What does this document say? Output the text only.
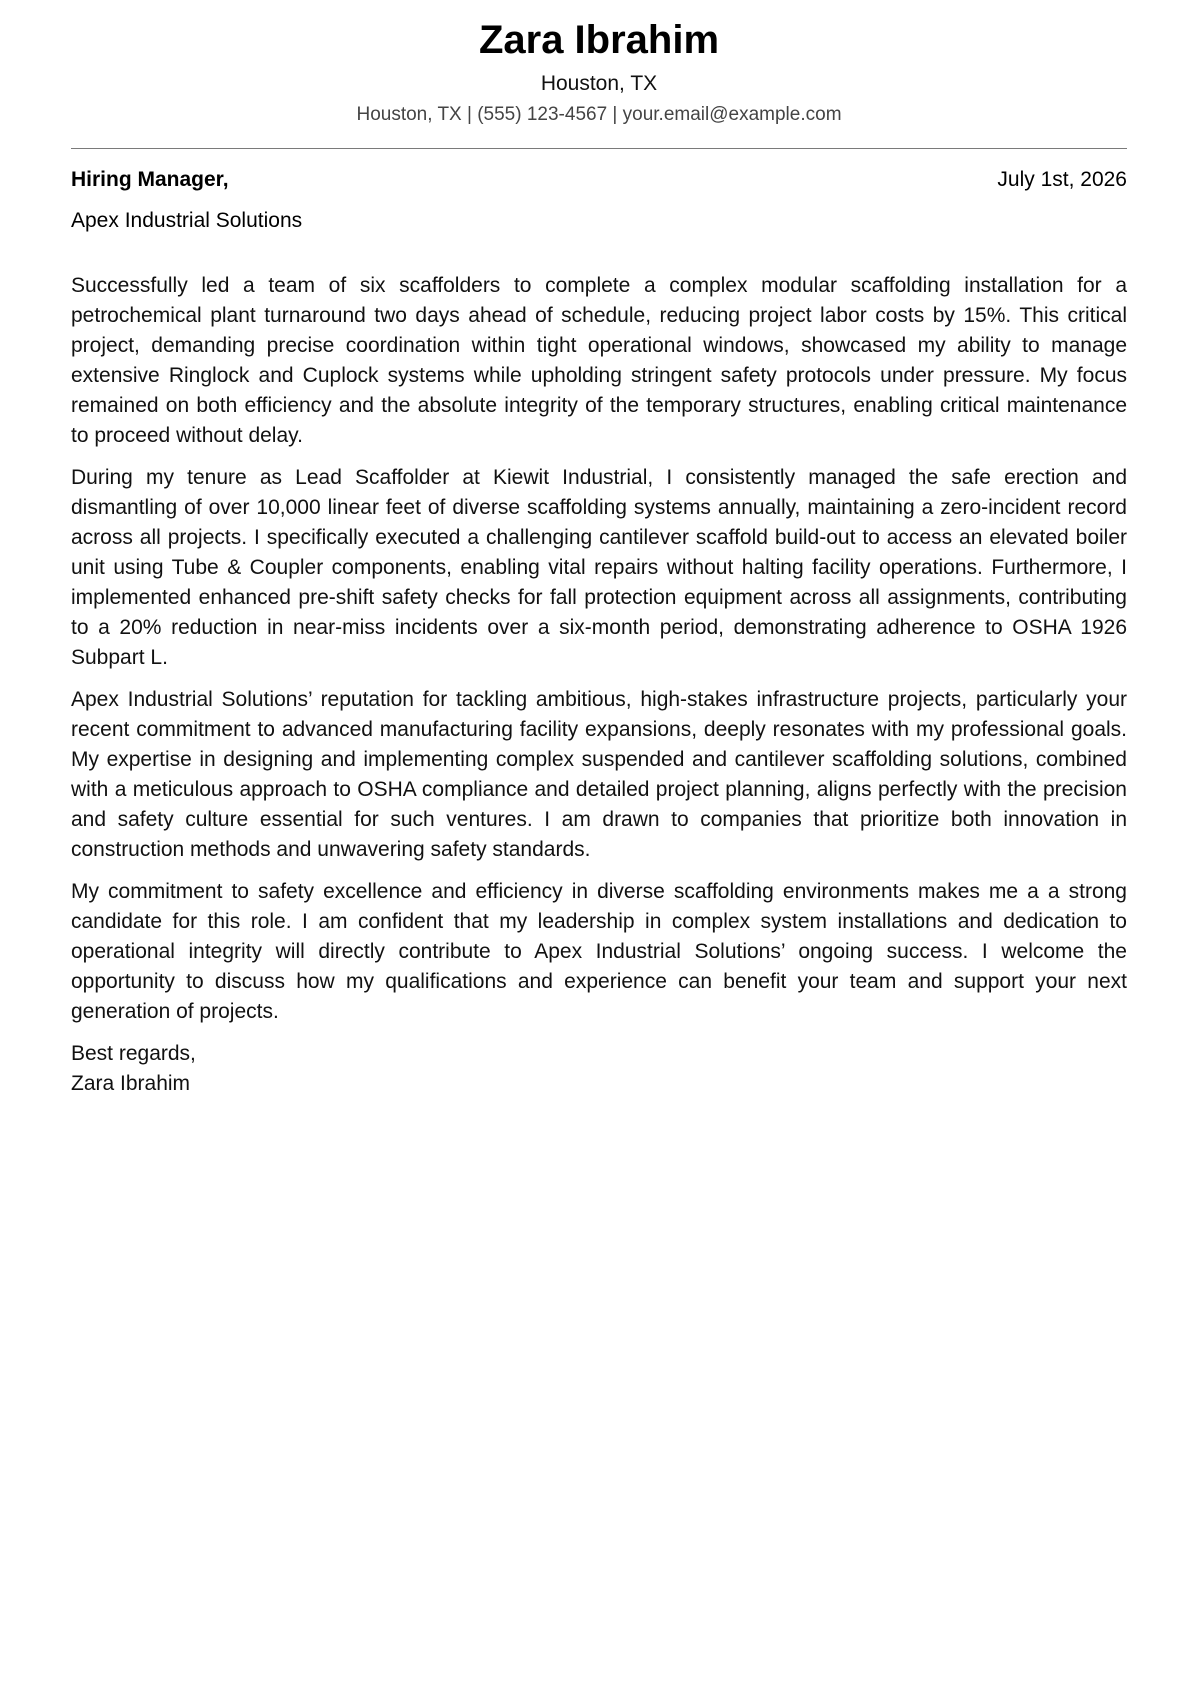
Zara Ibrahim
Houston, TX
Houston, TX | (555) 123-4567 | your.email@example.com
Hiring Manager,	July 1st, 2026
Apex Industrial Solutions

Successfully led a team of six scaffolders to complete a complex modular scaffolding installation for a petrochemical plant turnaround two days ahead of schedule, reducing project labor costs by 15%. This critical project, demanding precise coordination within tight operational windows, showcased my ability to manage extensive Ringlock and Cuplock systems while upholding stringent safety protocols under pressure. My focus remained on both efficiency and the absolute integrity of the temporary structures, enabling critical maintenance to proceed without delay.

During my tenure as Lead Scaffolder at Kiewit Industrial, I consistently managed the safe erection and dismantling of over 10,000 linear feet of diverse scaffolding systems annually, maintaining a zero-incident record across all projects. I specifically executed a challenging cantilever scaffold build-out to access an elevated boiler unit using Tube & Coupler components, enabling vital repairs without halting facility operations. Furthermore, I implemented enhanced pre-shift safety checks for fall protection equipment across all assignments, contributing to a 20% reduction in near-miss incidents over a six-month period, demonstrating adherence to OSHA 1926 Subpart L.

Apex Industrial Solutions’ reputation for tackling ambitious, high-stakes infrastructure projects, particularly your recent commitment to advanced manufacturing facility expansions, deeply resonates with my professional goals. My expertise in designing and implementing complex suspended and cantilever scaffolding solutions, combined with a meticulous approach to OSHA compliance and detailed project planning, aligns perfectly with the precision and safety culture essential for such ventures. I am drawn to companies that prioritize both innovation in construction methods and unwavering safety standards.

My commitment to safety excellence and efficiency in diverse scaffolding environments makes me a a strong candidate for this role. I am confident that my leadership in complex system installations and dedication to operational integrity will directly contribute to Apex Industrial Solutions’ ongoing success. I welcome the opportunity to discuss how my qualifications and experience can benefit your team and support your next generation of projects.

Best regards,
Zara Ibrahim
